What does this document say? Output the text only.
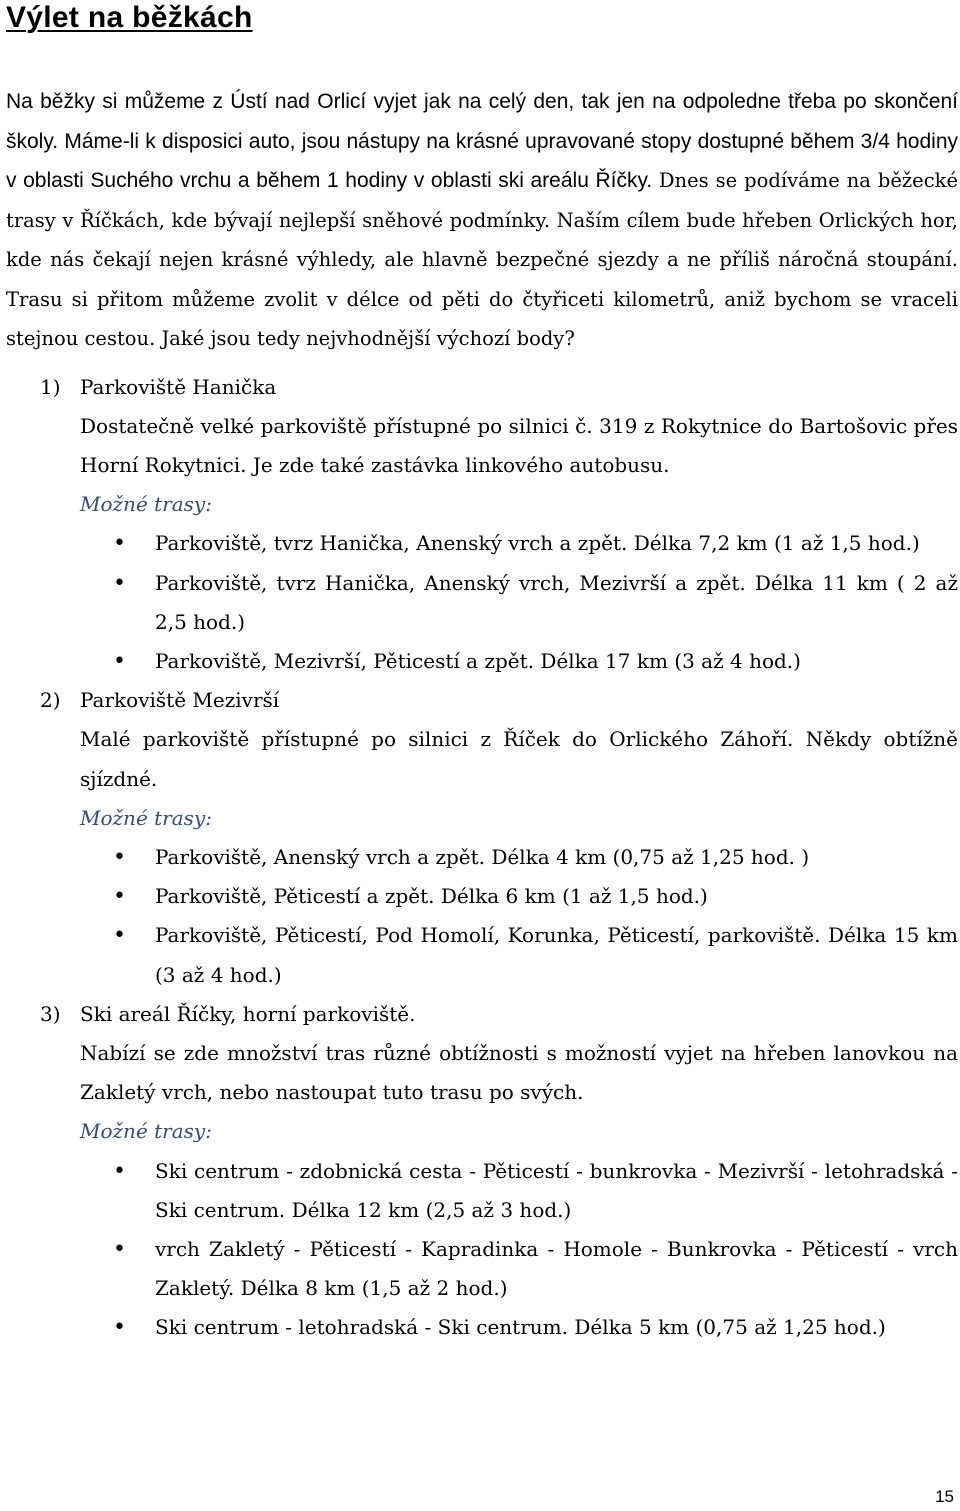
Výlet na běžkách

Na běžky si můžeme z Ústí nad Orlicí vyjet jak na celý den, tak jen na odpoledne třeba po skončení školy. Máme-li k disposici auto, jsou nástupy na krásné upravované stopy dostupné během 3/4 hodiny v oblasti Suchého vrchu a během 1 hodiny v oblasti ski areálu Říčky. Dnes se podíváme na běžecké trasy v Říčkách, kde bývají nejlepší sněhové podmínky. Naším cílem bude hřeben Orlických hor, kde nás čekají nejen krásné výhledy, ale hlavně bezpečné sjezdy a ne příliš náročná stoupání. Trasu si přitom můžeme zvolit v délce od pěti do čtyřiceti kilometrů, aniž bychom se vraceli stejnou cestou. Jaké jsou tedy nejvhodnější výchozí body?

1) Parkoviště Hanička
Dostatečně velké parkoviště přístupné po silnici č. 319 z Rokytnice do Bartošovic přes Horní Rokytnici. Je zde také zastávka linkového autobusu.
Možné trasy:
• Parkoviště, tvrz Hanička, Anenský vrch a zpět. Délka 7,2 km (1 až 1,5 hod.)
• Parkoviště, tvrz Hanička, Anenský vrch, Mezivrší a zpět. Délka 11 km ( 2 až 2,5 hod.)
• Parkoviště, Mezivrší, Pěticestí a zpět. Délka 17 km (3 až 4 hod.)
2) Parkoviště Mezivrší
Malé parkoviště přístupné po silnici z Říček do Orlického Záhoří. Někdy obtížně sjízdné.
Možné trasy:
• Parkoviště, Anenský vrch a zpět. Délka 4 km (0,75 až 1,25 hod. )
• Parkoviště, Pěticestí a zpět. Délka 6 km (1 až 1,5 hod.)
• Parkoviště, Pěticestí, Pod Homolí, Korunka, Pěticestí, parkoviště. Délka 15 km (3 až 4 hod.)
3) Ski areál Říčky, horní parkoviště.
Nabízí se zde množství tras různé obtížnosti s možností vyjet na hřeben lanovkou na Zakletý vrch, nebo nastoupat tuto trasu po svých.
Možné trasy:
• Ski centrum - zdobnická cesta - Pěticestí - bunkrovka - Mezivrší - letohradská - Ski centrum. Délka 12 km (2,5 až 3 hod.)
• vrch Zakletý - Pěticestí - Kapradinka - Homole - Bunkrovka - Pěticestí - vrch Zakletý. Délka 8 km (1,5 až 2 hod.)
• Ski centrum - letohradská - Ski centrum. Délka 5 km (0,75 až 1,25 hod.)
15
